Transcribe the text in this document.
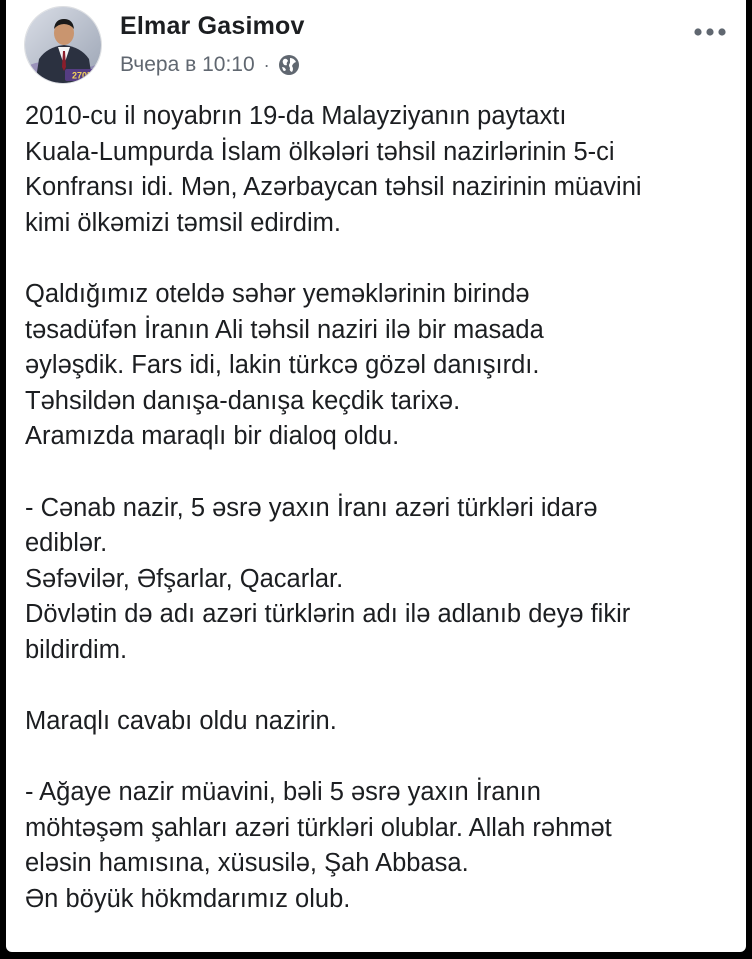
2705
Elmar Gasimov
Вчера в 10:10 ·

2010-cu il noyabrın 19-da Malayziyanın paytaxtı
Kuala-Lumpurda İslam ölkələri təhsil nazirlərinin 5-ci
Konfransı idi. Mən, Azərbaycan təhsil nazirinin müavini
kimi ölkəmizi təmsil edirdim.

Qaldığımız oteldə səhər yeməklərinin birində
təsadüfən İranın Ali təhsil naziri ilə bir masada
əyləşdik. Fars idi, lakin türkcə gözəl danışırdı.
Təhsildən danışa-danışa keçdik tarixə.
Aramızda maraqlı bir dialoq oldu.

- Cənab nazir, 5 əsrə yaxın İranı azəri türkləri idarə
ediblər.
Səfəvilər, Əfşarlar, Qacarlar.
Dövlətin də adı azəri türklərin adı ilə adlanıb deyə fikir
bildirdim.

Maraqlı cavabı oldu nazirin.

- Ağaye nazir müavini, bəli 5 əsrə yaxın İranın
möhtəşəm şahları azəri türkləri olublar. Allah rəhmət
eləsin hamısına, xüsusilə, Şah Abbasa.
Ən böyük hökmdarımız olub.
